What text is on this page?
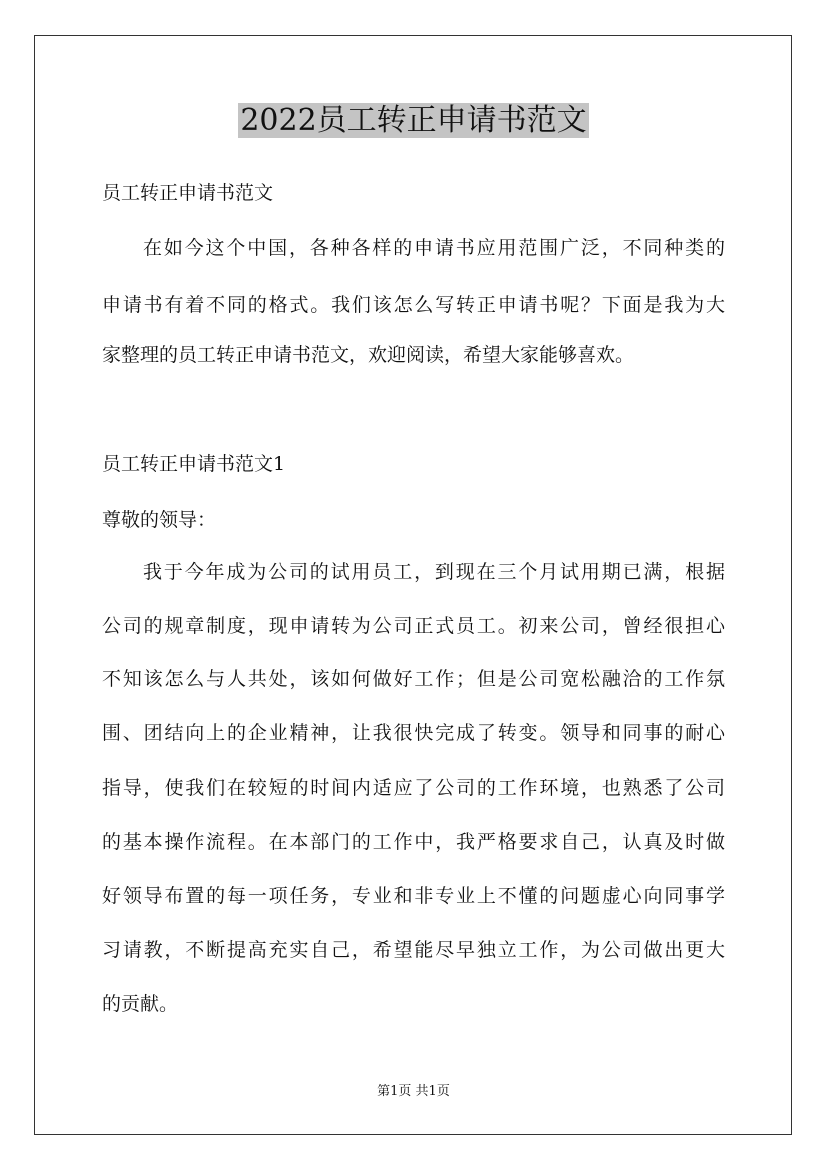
2022员工转正申请书范文

员工转正申请书范文

在如今这个中国，各种各样的申请书应用范围广泛，不同种类的

申请书有着不同的格式。我们该怎么写转正申请书呢？下面是我为大

家整理的员工转正申请书范文，欢迎阅读，希望大家能够喜欢。

员工转正申请书范文1

尊敬的领导：

我于今年成为公司的试用员工，到现在三个月试用期已满，根据

公司的规章制度，现申请转为公司正式员工。初来公司，曾经很担心

不知该怎么与人共处，该如何做好工作；但是公司宽松融洽的工作氛

围、团结向上的企业精神，让我很快完成了转变。领导和同事的耐心

指导，使我们在较短的时间内适应了公司的工作环境，也熟悉了公司

的基本操作流程。在本部门的工作中，我严格要求自己，认真及时做

好领导布置的每一项任务，专业和非专业上不懂的问题虚心向同事学

习请教，不断提高充实自己，希望能尽早独立工作，为公司做出更大

的贡献。

第1页 共1页
